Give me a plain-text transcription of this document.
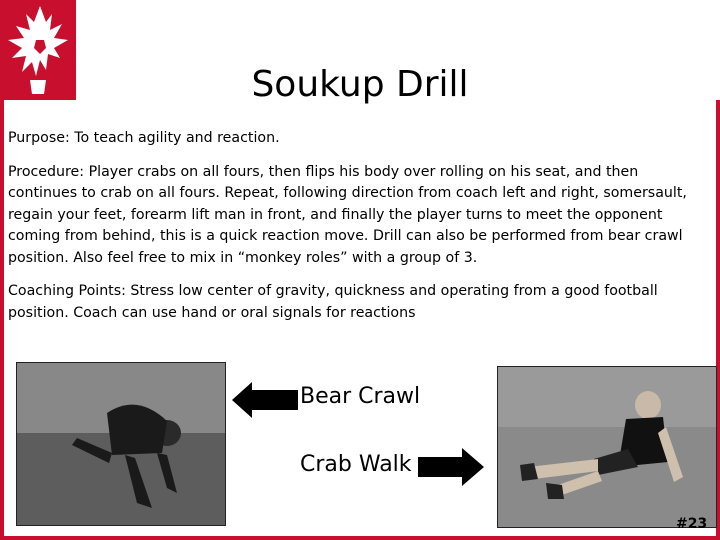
Soukup Drill

Purpose: To teach agility and reaction.

Procedure: Player crabs on all fours, then flips his body over rolling on his seat, and then continues to crab on all fours. Repeat, following direction from coach left and right, somersault, regain your feet, forearm lift man in front, and finally the player turns to meet the opponent coming from behind, this is a quick reaction move. Drill can also be performed from bear crawl position. Also feel free to mix in “monkey roles” with a group of 3.

Coaching Points: Stress low center of gravity, quickness and operating from a good football position. Coach can use hand or oral signals for reactions

Bear Crawl
Crab Walk
#23
